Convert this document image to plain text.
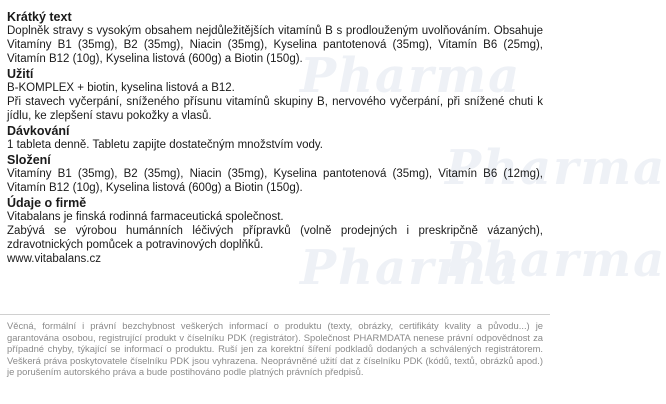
Pharma
Pharma
Pharma
Pharma
Krátký text

Doplněk stravy s vysokým obsahem nejdůležitějších vitamínů B s prodlouženým uvolňováním. Obsahuje Vitamíny B1 (35mg), B2 (35mg), Niacin (35mg), Kyselina pantotenová (35mg), Vitamín B6 (25mg), Vitamín B12 (10g), Kyselina listová (600g) a Biotin (150g).

Užití

B-KOMPLEX + biotin, kyselina listová a B12.

Při stavech vyčerpání, sníženého přísunu vitamínů skupiny B, nervového vyčerpání, při snížené chuti k jídlu, ke zlepšení stavu pokožky a vlasů.

Dávkování

1 tableta denně. Tabletu zapijte dostatečným množstvím vody.

Složení

Vitamíny B1 (35mg), B2 (35mg), Niacin (35mg), Kyselina pantotenová (35mg), Vitamín B6 (12mg), Vitamín B12 (10g), Kyselina listová (600g) a Biotin (150g).

Údaje o firmě

Vitabalans je finská rodinná farmaceutická společnost.

Zabývá se výrobou humánních léčivých přípravků (volně prodejných i preskripčně vázaných), zdravotnických pomůcek a potravinových doplňků.

www.vitabalans.cz

Věcná, formální i právní bezchybnost veškerých informací o produktu (texty, obrázky, certifikáty kvality a původu...) je garantována osobou, registrující produkt v číselníku PDK (registrátor). Společnost PHARMDATA nenese právní odpovědnost za případné chyby, týkající se informací o produktu. Ruší jen za korektní šíření podkladů dodaných a schválených registrátorem. Veškerá práva poskytovatele číselníku PDK jsou vyhrazena. Neoprávněné užití dat z číselníku PDK (kódů, textů, obrázků apod.) je porušením autorského práva a bude postihováno podle platných právních předpisů.
